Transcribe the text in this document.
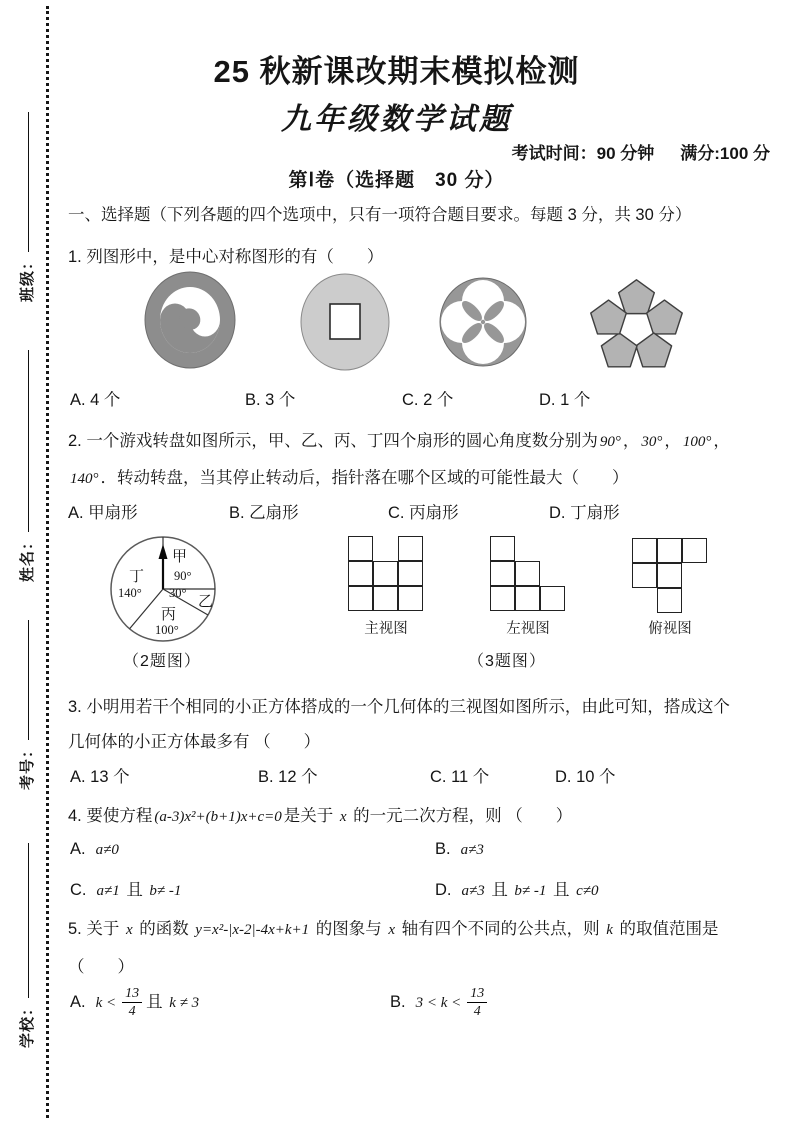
班级：
姓名：
考号：
学校：
25 秋新课改期末模拟检测
九年级数学试题
考试时间：90 分钟 满分:100 分
第Ⅰ卷（选择题　30 分）
一、选择题（下列各题的四个选项中，只有一项符合题目要求。每题 3 分，共 30 分）
1. 列图形中，是中心对称图形的有（　　）
A. 4 个	B. 3 个	C. 2 个	D. 1 个
2. 一个游戏转盘如图所示，甲、乙、丙、丁四个扇形的圆心角度数分别为 90° ， 30° ， 100° ，
140° ．转动转盘，当其停止转动后，指针落在哪个区域的可能性最大（　　）
A. 甲扇形	B. 乙扇形	C. 丙扇形	D. 丁扇形
甲
90°
乙
30°
丙
100°
丁
140°
主视图	左视图	俯视图
（2题图）	（3题图）
3. 小明用若干个相同的小正方体搭成的一个几何体的三视图如图所示，由此可知，搭成这个几何体的小正方体最多有 （　　）
A. 13 个	B. 12 个	C. 11 个	D. 10 个
4. 要使方程 (a-3)x²+(b+1)x+c=0 是关于 x 的一元二次方程，则 （　　）
A. a≠0	B. a≠3
C. a≠1 且 b≠ -1	D. a≠3 且 b≠ -1 且 c≠0
5. 关于 x 的函数 y=x²-|x-2|-4x+k+1 的图象与 x 轴有四个不同的公共点，则 k 的取值范围是
（　　）
A. $k < \frac{13}{4}$ 且 k ≠ 3	B. $3 < k < \frac{13}{4}$
